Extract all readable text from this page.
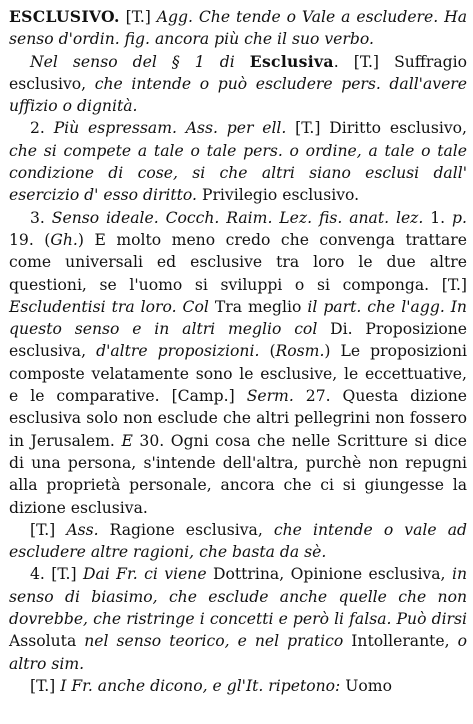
ESCLUSIVO. [T.] Agg. Che tende o Vale a escludere. Ha senso d'ordin. fig. ancora più che il suo verbo.

Nel senso del § 1 di Esclusiva. [T.] Suffragio esclusivo, che intende o può escludere pers. dall'avere uffizio o dignità.

2. Più espressam. Ass. per ell. [T.] Diritto esclusivo, che si compete a tale o tale pers. o ordine, a tale o tale condizione di cose, si che altri siano esclusi dall' esercizio d' esso diritto. Privilegio esclusivo.

3. Senso ideale. Cocch. Raim. Lez. fis. anat. lez. 1. p. 19. (Gh.) E molto meno credo che convenga trattare come universali ed esclusive tra loro le due altre questioni, se l'uomo si sviluppi o si componga. [T.] Escludentisi tra loro. Col Tra meglio il part. che l'agg. In questo senso e in altri meglio col Di. Proposizione esclusiva, d'altre proposizioni. (Rosm.) Le proposizioni composte velatamente sono le esclusive, le eccettuative, e le comparative. [Camp.] Serm. 27. Questa dizione esclusiva solo non esclude che altri pellegrini non fossero in Jerusalem. E 30. Ogni cosa che nelle Scritture si dice di una persona, s'intende dell'altra, purchè non repugni alla proprietà personale, ancora che ci si giungesse la dizione esclusiva.

[T.] Ass. Ragione esclusiva, che intende o vale ad escludere altre ragioni, che basta da sè.

4. [T.] Dai Fr. ci viene Dottrina, Opinione esclusiva, in senso di biasimo, che esclude anche quelle che non dovrebbe, che ristringe i concetti e però li falsa. Può dirsi Assoluta nel senso teorico, e nel pratico Intollerante, o altro sim.

[T.] I Fr. anche dicono, e gl'It. ripetono: Uomo
